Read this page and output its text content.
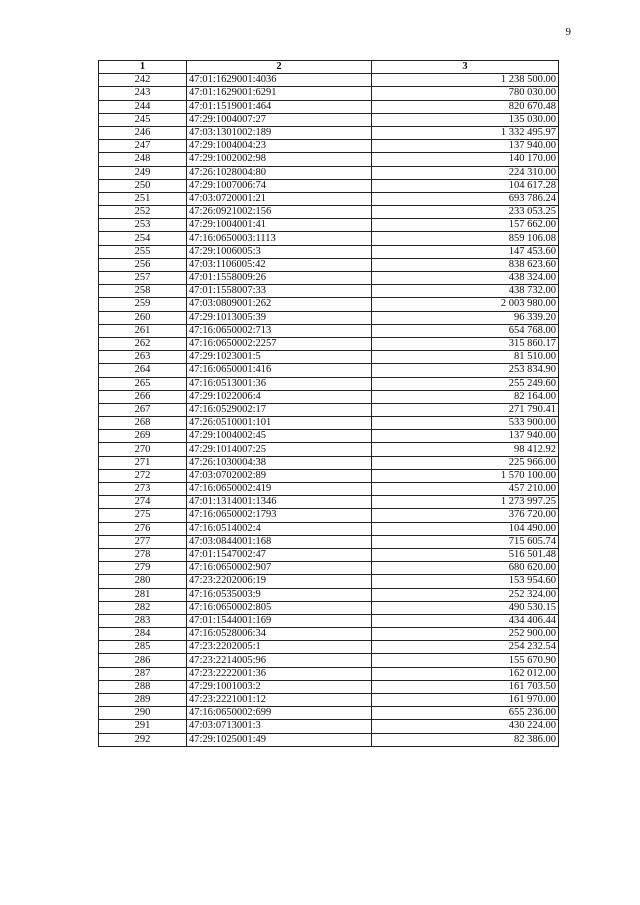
9
1	2	3
242	47:01:1629001:4036	1 238 500.00
243	47:01:1629001:6291	780 030.00
244	47:01:1519001:464	820 670.48
245	47:29:1004007:27	135 030.00
246	47:03:1301002:189	1 332 495.97
247	47:29:1004004:23	137 940.00
248	47:29:1002002:98	140 170.00
249	47:26:1028004:80	224 310.00
250	47:29:1007006:74	104 617.28
251	47:03:0720001:21	693 786.24
252	47:26:0921002:156	233 053.25
253	47:29:1004001:41	157 662.00
254	47:16:0650003:1113	859 106.08
255	47:29:1006005:3	147 453.60
256	47:03:1106005:42	838 623.60
257	47:01:1558009:26	438 324.00
258	47:01:1558007:33	438 732.00
259	47:03:0809001:262	2 003 980.00
260	47:29:1013005:39	96 339.20
261	47:16:0650002:713	654 768.00
262	47:16:0650002:2257	315 860.17
263	47:29:1023001:5	81 510.00
264	47:16:0650001:416	253 834.90
265	47:16:0513001:36	255 249.60
266	47:29:1022006:4	82 164.00
267	47:16:0529002:17	271 790.41
268	47:26:0510001:101	533 900.00
269	47:29:1004002:45	137 940.00
270	47:29:1014007:25	98 412.92
271	47:26:1030004:38	225 966.00
272	47:03:0702002:89	1 570 100.00
273	47:16:0650002:419	457 210.00
274	47:01:1314001:1346	1 273 997.25
275	47:16:0650002:1793	376 720.00
276	47:16:0514002:4	104 490.00
277	47:03:0844001:168	715 605.74
278	47:01:1547002:47	516 501.48
279	47:16:0650002:907	680 620.00
280	47:23:2202006:19	153 954.60
281	47:16:0535003:9	252 324.00
282	47:16:0650002:805	490 530.15
283	47:01:1544001:169	434 406.44
284	47:16:0528006:34	252 900.00
285	47:23:2202005:1	254 232.54
286	47:23:2214005:96	155 670.90
287	47:23:2222001:36	162 012.00
288	47:29:1001003:2	161 703.50
289	47:23:2221001:12	161 970.00
290	47:16:0650002:699	655 236.00
291	47:03:0713001:3	430 224.00
292	47:29:1025001:49	82 386.00
